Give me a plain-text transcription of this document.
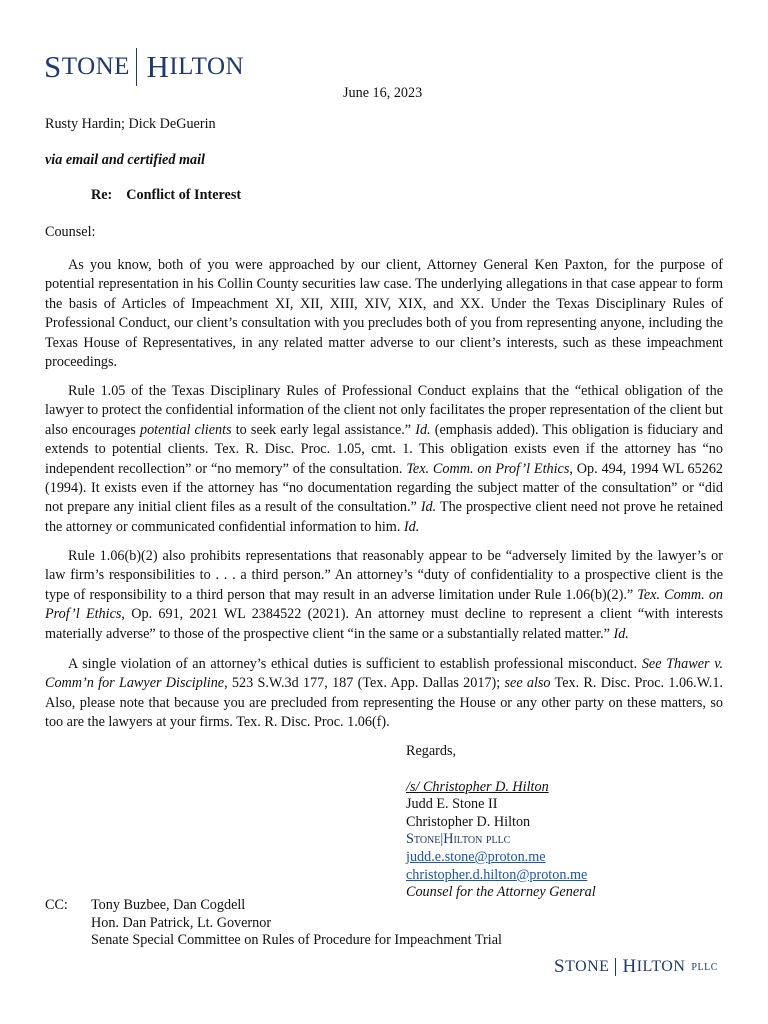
S TONE H ILTON
June 16, 2023
Rusty Hardin; Dick DeGuerin
via email and certified mail
Re: Conflict of Interest
Counsel:

As you know, both of you were approached by our client, Attorney General Ken Paxton, for the purpose of potential representation in his Collin County securities law case. The underlying allegations in that case appear to form the basis of Articles of Impeachment XI, XII, XIII, XIV, XIX, and XX. Under the Texas Disciplinary Rules of Professional Conduct, our client’s consultation with you precludes both of you from representing anyone, including the Texas House of Representatives, in any related matter adverse to our client’s interests, such as these impeachment proceedings.

Rule 1.05 of the Texas Disciplinary Rules of Professional Conduct explains that the “ethical obligation of the lawyer to protect the confidential information of the client not only facilitates the proper representation of the client but also encourages potential clients to seek early legal assistance.” Id. (emphasis added). This obligation is fiduciary and extends to potential clients. Tex. R. Disc. Proc. 1.05, cmt. 1. This obligation exists even if the attorney has “no independent recollection” or “no memory” of the consultation. Tex. Comm. on Prof’l Ethics, Op. 494, 1994 WL 65262 (1994). It exists even if the attorney has “no documentation regarding the subject matter of the consultation” or “did not prepare any initial client files as a result of the consultation.” Id. The prospective client need not prove he retained the attorney or communicated confidential information to him. Id.

Rule 1.06(b)(2) also prohibits representations that reasonably appear to be “adversely limited by the lawyer’s or law firm’s responsibilities to . . . a third person.” An attorney’s “duty of confidentiality to a prospective client is the type of responsibility to a third person that may result in an adverse limitation under Rule 1.06(b)(2).” Tex. Comm. on Prof’l Ethics, Op. 691, 2021 WL 2384522 (2021). An attorney must decline to represent a client “with interests materially adverse” to those of the prospective client “in the same or a substantially related matter.” Id.

A single violation of an attorney’s ethical duties is sufficient to establish professional misconduct. See Thawer v. Comm’n for Lawyer Discipline, 523 S.W.3d 177, 187 (Tex. App. Dallas 2017); see also Tex. R. Disc. Proc. 1.06.W.1. Also, please note that because you are precluded from representing the House or any other party on these matters, so too are the lawyers at your firms. Tex. R. Disc. Proc. 1.06(f).

Regards,
/s/ Christopher D. Hilton
Judd E. Stone II
Christopher D. Hilton
Stone|Hilton pllc
judd.e.stone@proton.me
christopher.d.hilton@proton.me
Counsel for the Attorney General
CC:	Tony Buzbee, Dan Cogdell
Hon. Dan Patrick, Lt. Governor
Senate Special Committee on Rules of Procedure for Impeachment Trial
S TONE H ILTON pllc
